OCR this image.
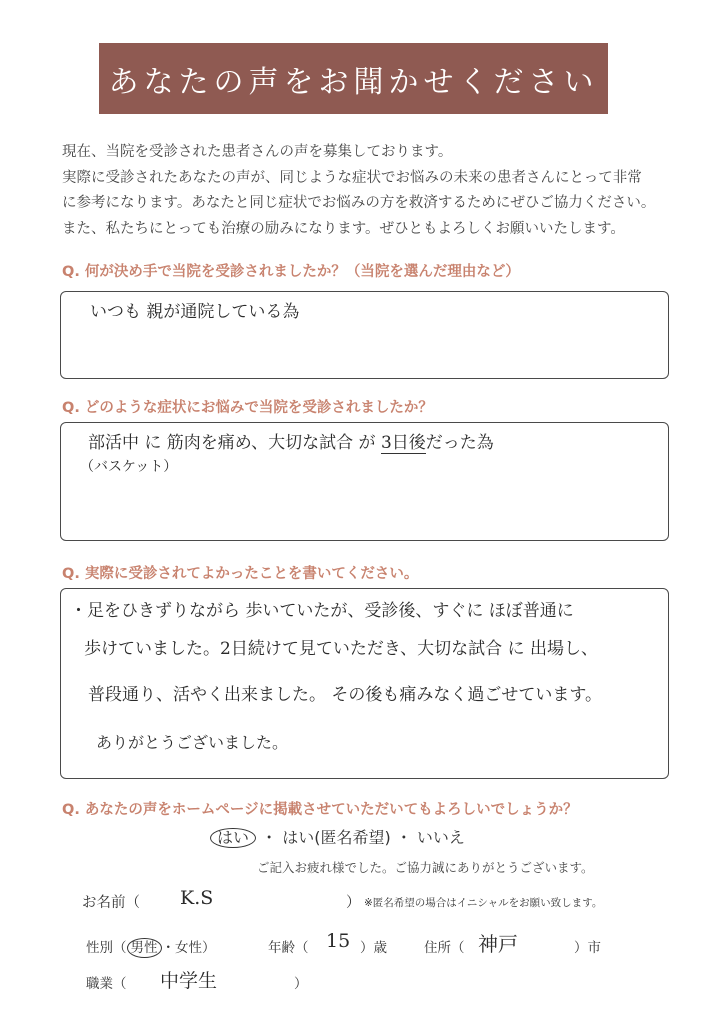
あなたの声をお聞かせください
現在、当院を受診された患者さんの声を募集しております。
実際に受診されたあなたの声が、同じような症状でお悩みの未来の患者さんにとって非常
に参考になります。あなたと同じ症状でお悩みの方を救済するためにぜひご協力ください。
また、私たちにとっても治療の励みになります。ぜひともよろしくお願いいたします。
Q. 何が決め手で当院を受診されましたか？（当院を選んだ理由など）
いつも 親が通院している為
Q. どのような症状にお悩みで当院を受診されましたか？
部活中 に 筋肉を痛め、大切な試合 が 3日後だった為
（バスケット）
Q. 実際に受診されてよかったことを書いてください。
・足をひきずりながら 歩いていたが、受診後、すぐに ほぼ普通に
歩けていました。2日続けて見ていただき、大切な試合 に 出場し、
普段通り、活やく出来ました。 その後も痛みなく過ごせています。
ありがとうございました。
Q. あなたの声をホームページに掲載させていただいてもよろしいでしょうか？
はい ・ はい(匿名希望) ・ いいえ
ご記入お疲れ様でした。ご協力誠にありがとうございます。
お名前（ K.S	） ※匿名希望の場合はイニシャルをお願い致します。
性別（ 男性 ・女性）	年齢（ 15 ）歳	住所（ 神戸	）市
職業（ 中学生	）
